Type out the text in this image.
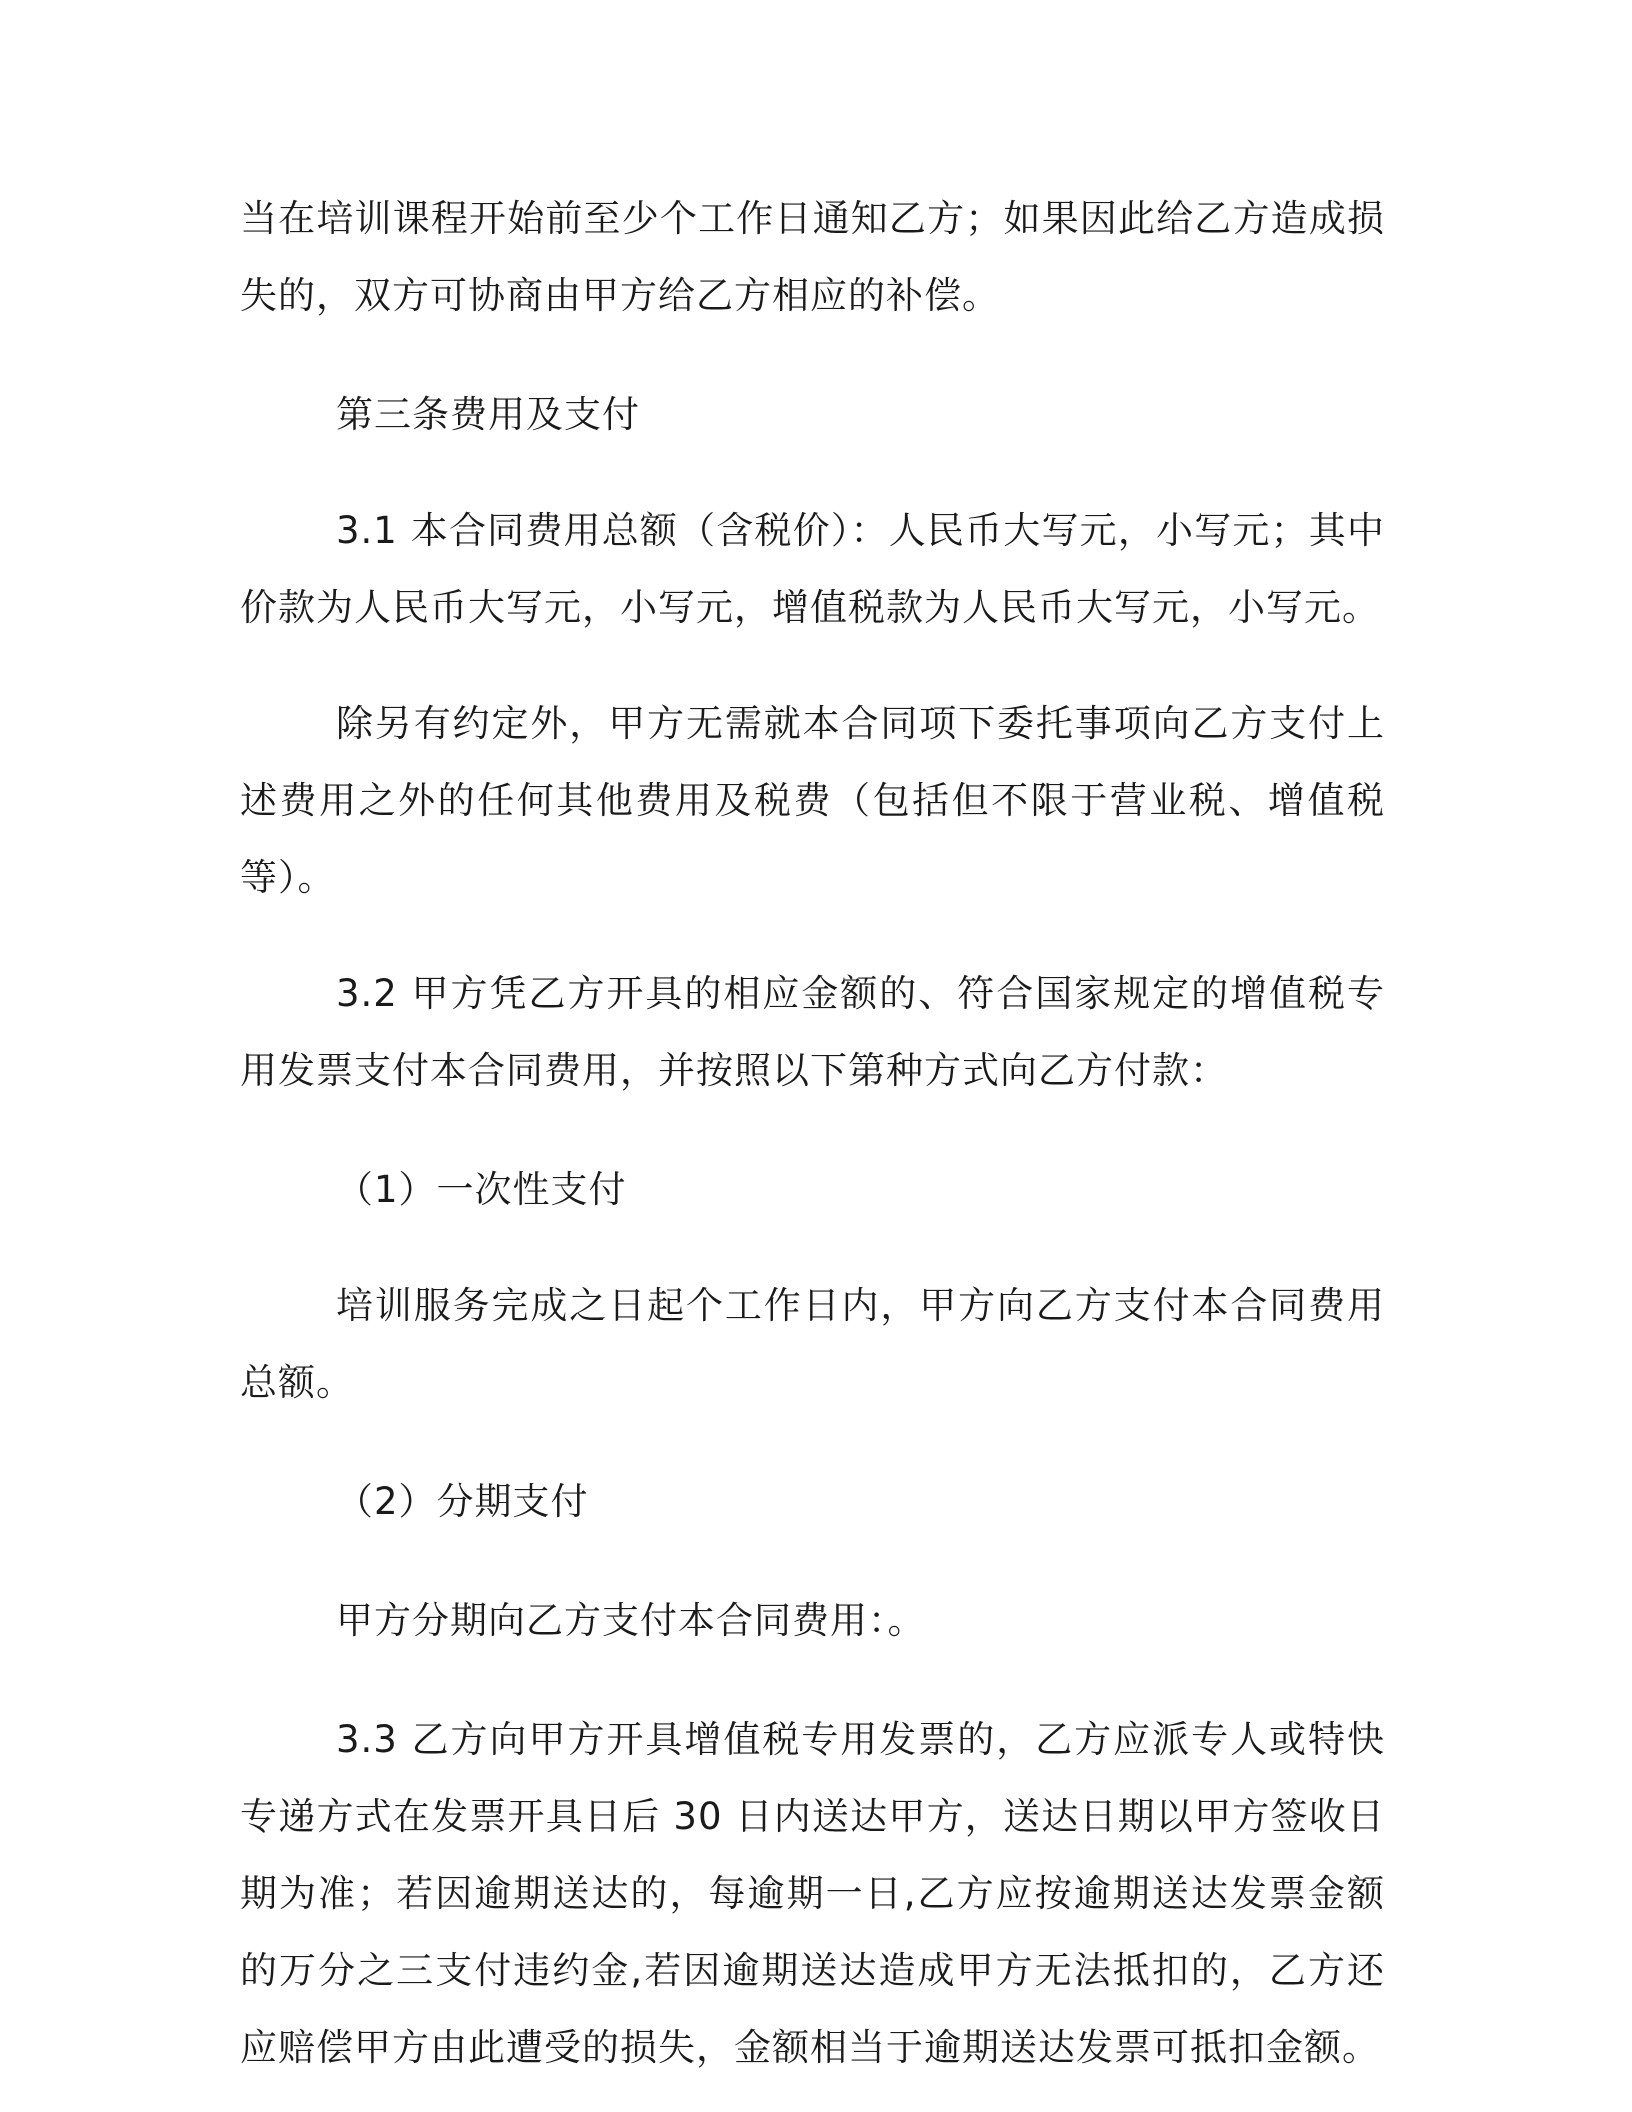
当在培训课程开始前至少个工作日通知乙方；如果因此给乙方造成损失的，双方可协商由甲方给乙方相应的补偿。

第三条费用及支付

3.1 本合同费用总额（含税价）：人民币大写元，小写元；其中价款为人民币大写元，小写元，增值税款为人民币大写元，小写元。

除另有约定外，甲方无需就本合同项下委托事项向乙方支付上述费用之外的任何其他费用及税费（包括但不限于营业税、增值税等）。

3.2 甲方凭乙方开具的相应金额的、符合国家规定的增值税专用发票支付本合同费用，并按照以下第种方式向乙方付款：

（1）一次性支付

培训服务完成之日起个工作日内，甲方向乙方支付本合同费用总额。

（2）分期支付

甲方分期向乙方支付本合同费用：。

3.3 乙方向甲方开具增值税专用发票的，乙方应派专人或特快专递方式在发票开具日后 30 日内送达甲方，送达日期以甲方签收日期为准；若因逾期送达的，每逾期一日,乙方应按逾期送达发票金额的万分之三支付违约金,若因逾期送达造成甲方无法抵扣的，乙方还应赔偿甲方由此遭受的损失，金额相当于逾期送达发票可抵扣金额。
